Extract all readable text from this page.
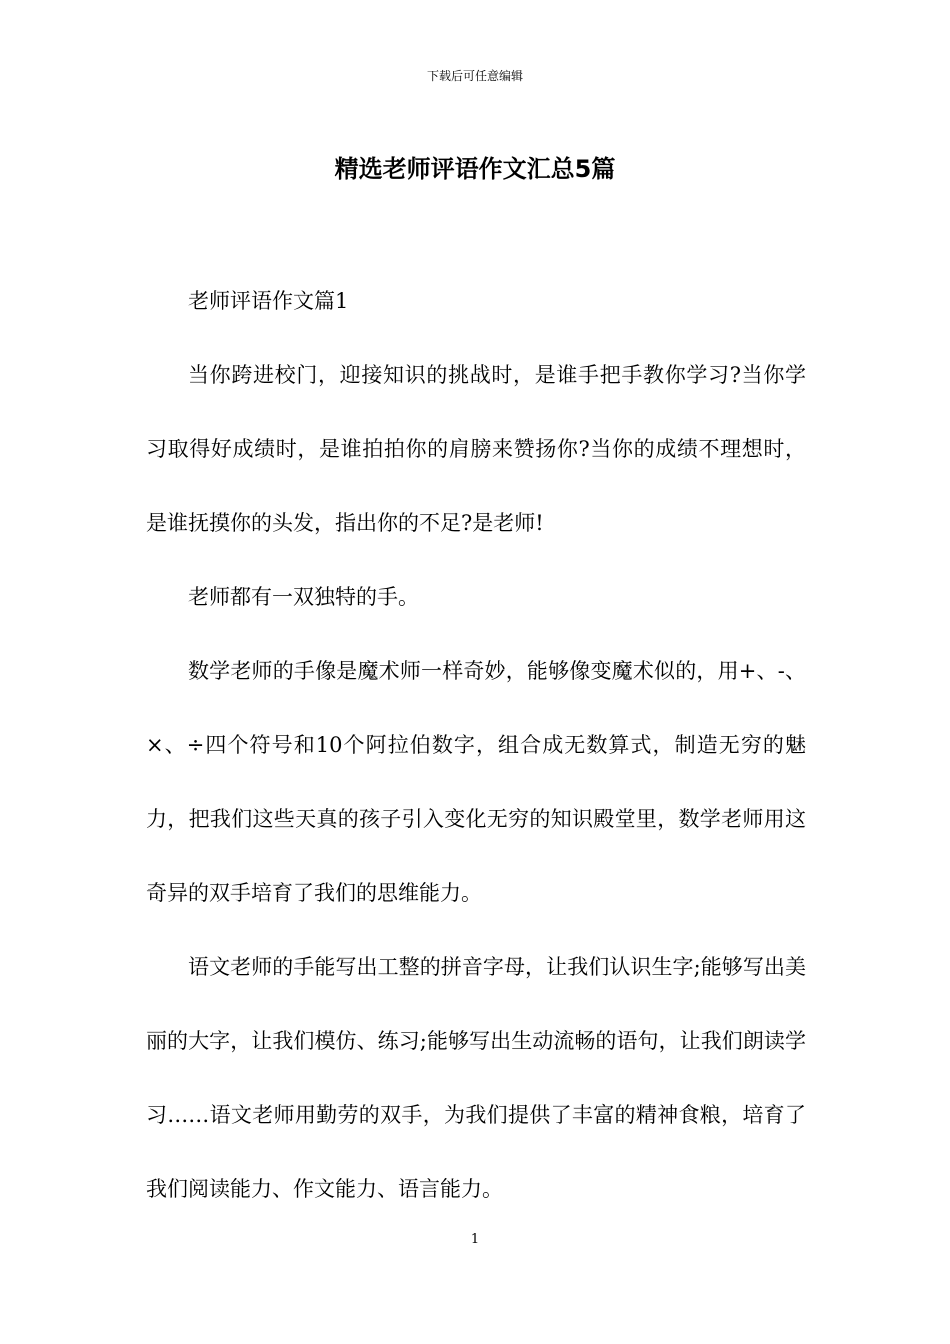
下载后可任意编辑
精选老师评语作文汇总5篇

老师评语作文篇1

当你跨进校门，迎接知识的挑战时，是谁手把手教你学习?当你学习取得好成绩时，是谁拍拍你的肩膀来赞扬你?当你的成绩不理想时，是谁抚摸你的头发，指出你的不足?是老师!

老师都有一双独特的手。

数学老师的手像是魔术师一样奇妙，能够像变魔术似的，用+、-、×、÷四个符号和10个阿拉伯数字，组合成无数算式，制造无穷的魅力，把我们这些天真的孩子引入变化无穷的知识殿堂里，数学老师用这奇异的双手培育了我们的思维能力。

语文老师的手能写出工整的拼音字母，让我们认识生字;能够写出美丽的大字，让我们模仿、练习;能够写出生动流畅的语句，让我们朗读学习……语文老师用勤劳的双手，为我们提供了丰富的精神食粮，培育了我们阅读能力、作文能力、语言能力。

1
